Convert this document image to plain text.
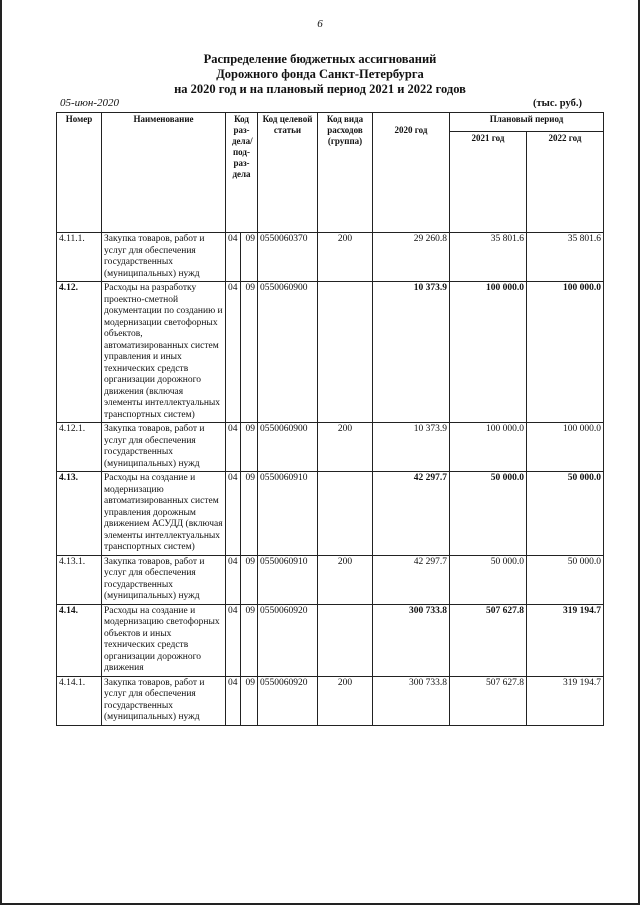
6
Распределение бюджетных ассигнований
Дорожного фонда Санкт-Петербурга
на 2020 год и на плановый период 2021 и 2022 годов
05-июн-2020	(тыс. руб.)
Номер	Наименование	Код раз- дела/ под- раз- дела		Код целевой статьи	Код вида расходов (группа)	2020 год	Плановый период	
							2021 год	2022 год
4.11.1.	Закупка товаров, работ и услуг для обеспечения государственных (муниципальных) нужд	04	09	0550060370	200	29 260.8	35 801.6	35 801.6
4.12.	Расходы на разработку проектно-сметной документации по созданию и модернизации светофорных объектов, автоматизированных систем управления и иных технических средств организации дорожного движения (включая элементы интеллектуальных транспортных систем)	04	09	0550060900		10 373.9	100 000.0	100 000.0
4.12.1.	Закупка товаров, работ и услуг для обеспечения государственных (муниципальных) нужд	04	09	0550060900	200	10 373.9	100 000.0	100 000.0
4.13.	Расходы на создание и модернизацию автоматизированных систем управления дорожным движением АСУДД (включая элементы интеллектуальных транспортных систем)	04	09	0550060910		42 297.7	50 000.0	50 000.0
4.13.1.	Закупка товаров, работ и услуг для обеспечения государственных (муниципальных) нужд	04	09	0550060910	200	42 297.7	50 000.0	50 000.0
4.14.	Расходы на создание и модернизацию светофорных объектов и иных технических средств организации дорожного движения	04	09	0550060920		300 733.8	507 627.8	319 194.7
4.14.1.	Закупка товаров, работ и услуг для обеспечения государственных (муниципальных) нужд	04	09	0550060920	200	300 733.8	507 627.8	319 194.7
